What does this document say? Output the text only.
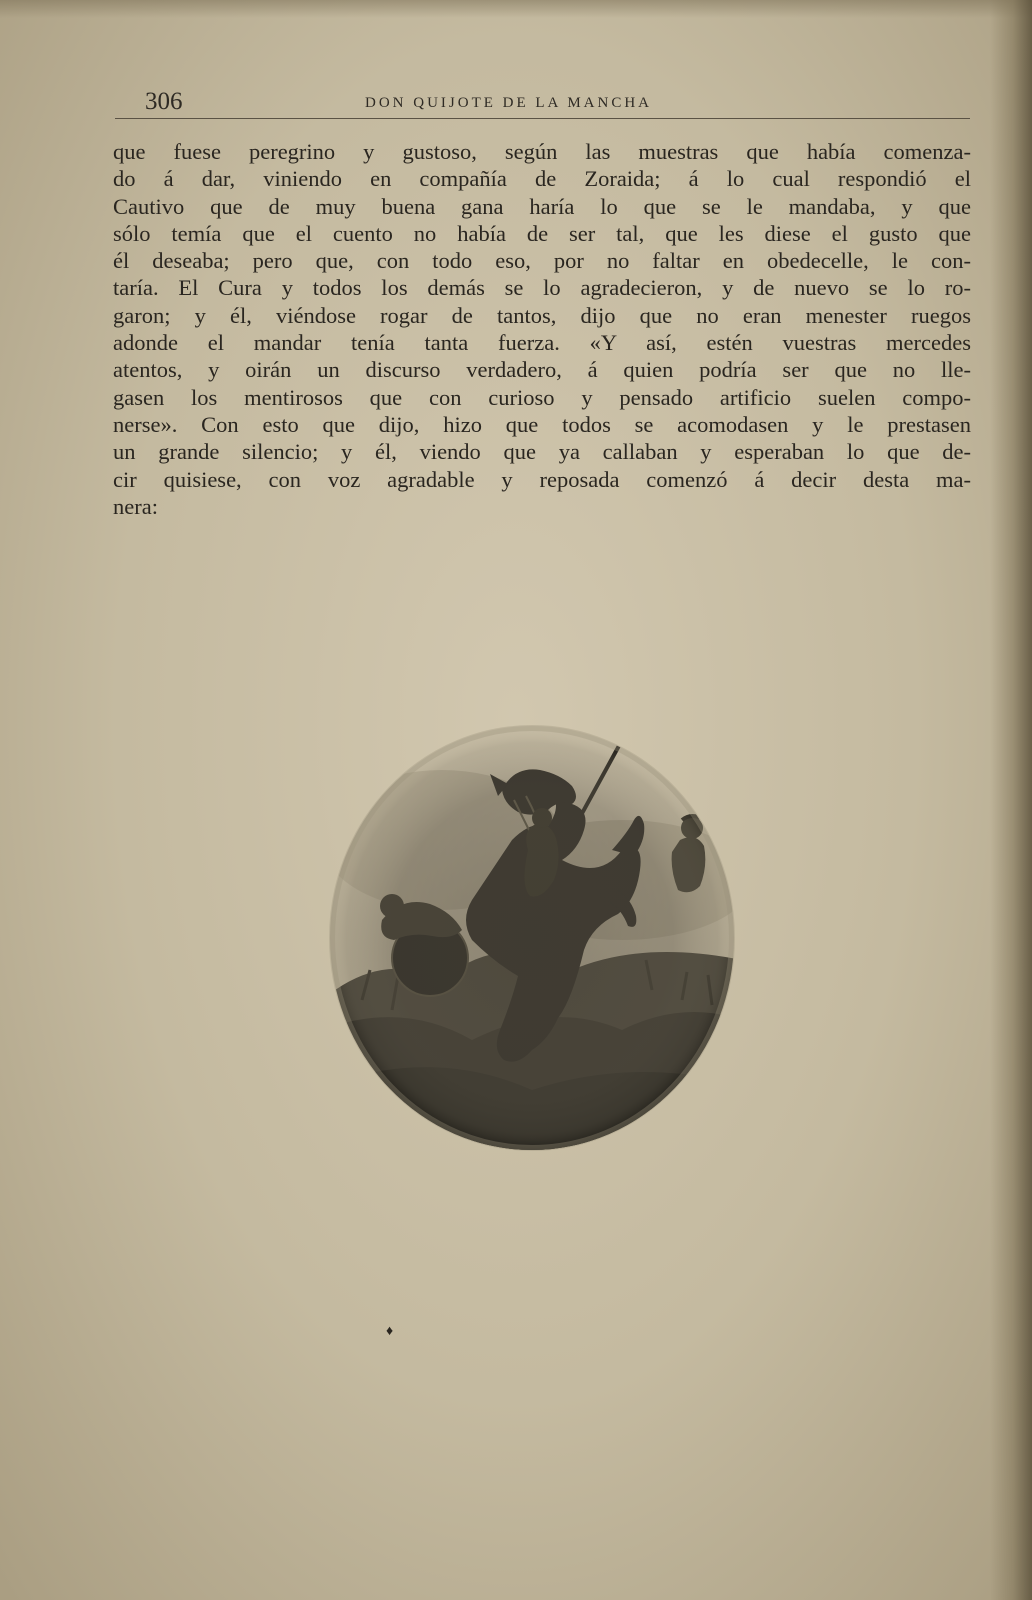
306	DON QUIJOTE DE LA MANCHA
que fuese peregrino y gustoso, según las muestras que había comenza-
do á dar, viniendo en compañía de Zoraida; á lo cual respondió el
Cautivo que de muy buena gana haría lo que se le mandaba, y que
sólo temía que el cuento no había de ser tal, que les diese el gusto que
él deseaba; pero que, con todo eso, por no faltar en obedecelle, le con-
taría. El Cura y todos los demás se lo agradecieron, y de nuevo se lo ro-
garon; y él, viéndose rogar de tantos, dijo que no eran menester ruegos
adonde el mandar tenía tanta fuerza. «Y así, estén vuestras mercedes
atentos, y oirán un discurso verdadero, á quien podría ser que no lle-
gasen los mentirosos que con curioso y pensado artificio suelen compo-
nerse». Con esto que dijo, hizo que todos se acomodasen y le prestasen
un grande silencio; y él, viendo que ya callaban y esperaban lo que de-
cir quisiese, con voz agradable y reposada comenzó á decir desta ma-
nera:
♦
